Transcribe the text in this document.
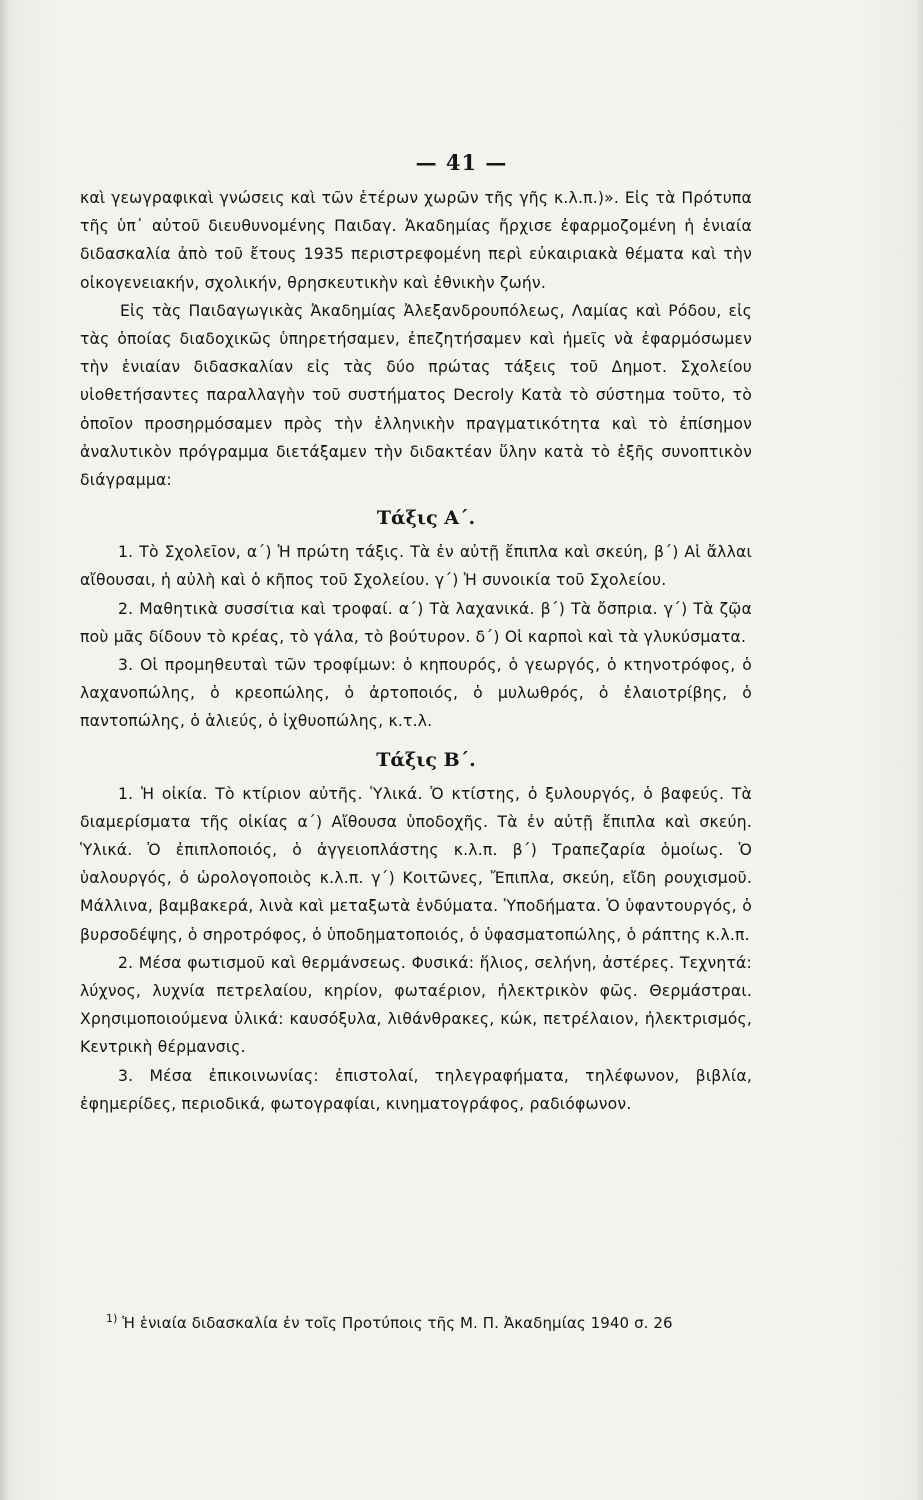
— 41 —

καὶ γεωγραφικαὶ γνώσεις καὶ τῶν ἑτέρων χωρῶν τῆς γῆς κ.λ.π.)». Εἰς τὰ Πρότυπα τῆς ὑπ᾽ αὐτοῦ διευθυνομένης Παιδαγ. Ἀκαδημίας ἤρχισε ἐφαρμοζομένη ἡ ἑνιαία διδασκαλία ἀπὸ τοῦ ἔτους 1935 περιστρεφομένη περὶ εὐκαιριακὰ θέματα καὶ τὴν οἰκογενειακήν, σχολικήν, θρησκευτικὴν καὶ ἐθνικὴν ζωήν.

Εἰς τὰς Παιδαγωγικὰς Ἀκαδημίας Ἀλεξανδρουπόλεως, Λαμίας καὶ Ρόδου, εἰς τὰς ὁποίας διαδοχικῶς ὑπηρετήσαμεν, ἐπεζητήσαμεν καὶ ἡμεῖς νὰ ἐφαρμόσωμεν τὴν ἑνιαίαν διδασκαλίαν εἰς τὰς δύο πρώτας τάξεις τοῦ Δημοτ. Σχολείου υἱοθετήσαντες παραλλαγὴν τοῦ συστήματος Decroly Κατὰ τὸ σύστημα τοῦτο, τὸ ὁποῖον προσηρμόσαμεν πρὸς τὴν ἑλληνικὴν πραγματικότητα καὶ τὸ ἐπίσημον ἀναλυτικὸν πρόγραμμα διετάξαμεν τὴν διδακτέαν ὕλην κατὰ τὸ ἑξῆς συνοπτικὸν διάγραμμα:

Τάξις Α΄.

1. Τὸ Σχολεῖον, α΄) Ἡ πρώτη τάξις. Τὰ ἐν αὐτῇ ἔπιπλα καὶ σκεύη, β΄) Αἱ ἄλλαι αἴθουσαι, ἡ αὐλὴ καὶ ὁ κῆπος τοῦ Σχολείου. γ΄) Ἡ συνοικία τοῦ Σχολείου.

2. Μαθητικὰ συσσίτια καὶ τροφαί. α΄) Τὰ λαχανικά. β΄) Τὰ ὄσπρια. γ΄) Τὰ ζῷα ποὺ μᾶς δίδουν τὸ κρέας, τὸ γάλα, τὸ βούτυρον. δ΄) Οἱ καρποὶ καὶ τὰ γλυκύσματα.

3. Οἱ προμηθευταὶ τῶν τροφίμων: ὁ κηπουρός, ὁ γεωργός, ὁ κτηνοτρόφος, ὁ λαχανοπώλης, ὁ κρεοπώλης, ὁ ἀρτοποιός, ὁ μυλωθρός, ὁ ἐλαιοτρίβης, ὁ παντοπώλης, ὁ ἁλιεύς, ὁ ἰχθυοπώλης, κ.τ.λ.

Τάξις Β΄.

1. Ἡ οἰκία. Τὸ κτίριον αὐτῆς. Ὑλικά. Ὁ κτίστης, ὁ ξυλουργός, ὁ βαφεύς. Τὰ διαμερίσματα τῆς οἰκίας α΄) Αἴθουσα ὑποδοχῆς. Τὰ ἐν αὐτῇ ἔπιπλα καὶ σκεύη. Ὑλικά. Ὁ ἐπιπλοποιός, ὁ ἀγγειοπλάστης κ.λ.π. β΄) Τραπεζαρία ὁμοίως. Ὁ ὑαλουργός, ὁ ὡρολογοποιὸς κ.λ.π. γ΄) Κοιτῶνες, Ἔπιπλα, σκεύη, εἴδη ρουχισμοῦ. Μάλλινα, βαμβακερά, λινὰ καὶ μεταξωτὰ ἐνδύματα. Ὑποδήματα. Ὁ ὑφαντουργός, ὁ βυρσοδέψης, ὁ σηροτρόφος, ὁ ὑποδηματοποιός, ὁ ὑφασματοπώλης, ὁ ράπτης κ.λ.π.

2. Μέσα φωτισμοῦ καὶ θερμάνσεως. Φυσικά: ἥλιος, σελήνη, ἀστέρες. Τεχνητά: λύχνος, λυχνία πετρελαίου, κηρίον, φωταέριον, ἠλεκτρικὸν φῶς. Θερμάστραι. Χρησιμοποιούμενα ὑλικά: καυσόξυλα, λιθάνθρακες, κώκ, πετρέλαιον, ἠλεκτρισμός, Κεντρικὴ θέρμανσις.

3. Μέσα ἐπικοινωνίας: ἐπιστολαί, τηλεγραφήματα, τηλέφωνον, βιβλία, ἐφημερίδες, περιοδικά, φωτογραφίαι, κινηματογράφος, ραδιόφωνον.

$^{1)}$ Ἡ ἑνιαία διδασκαλία ἐν τοῖς Προτύποις τῆς Μ. Π. Ἀκαδημίας 1940 σ. 26
